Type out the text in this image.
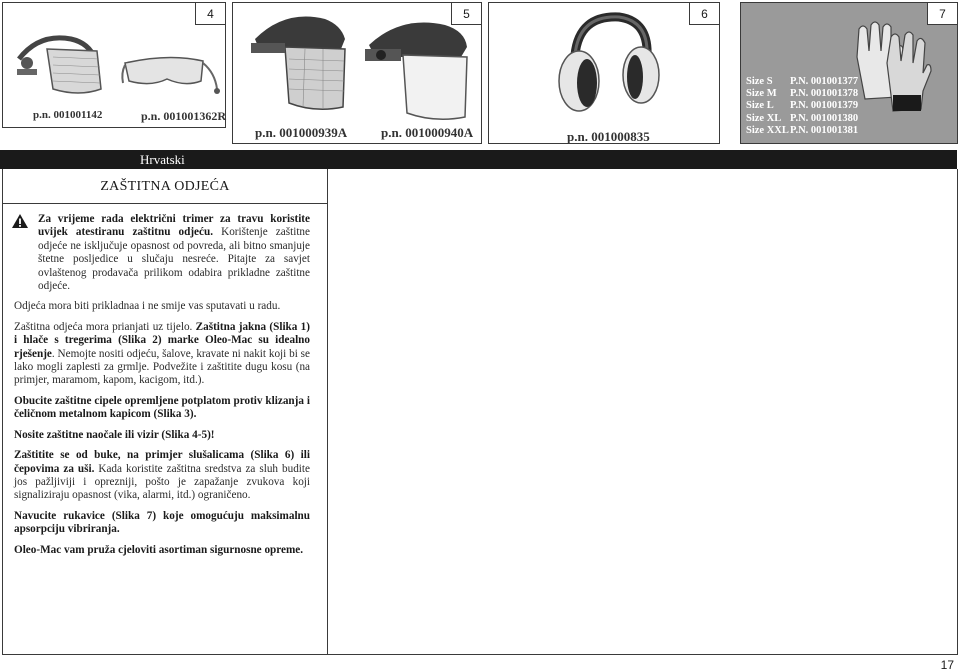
4
p.n. 001001142	p.n. 001001362R
5
p.n. 001000939A	p.n. 001000940A
6
p.n. 001000835
7
Size S	P.N. 001001377
Size M	P.N. 001001378
Size L	P.N. 001001379
Size XL P.N. 001001380
Size XXL P.N. 001001381
Hrvatski
ZAŠTITNA ODJEĆA

Za vrijeme rada električni trimer za travu koristite uvijek atestiranu zaštitnu odjeću. Korištenje zaštitne odjeće ne isključuje opasnost od povreda, ali bitno smanjuje štetne posljedice u slučaju nesreće. Pitajte za savjet ovlaštenog prodavača prilikom odabira prikladne zaštitne odjeće.

Odjeća mora biti prikladnaa i ne smije vas sputavati u radu.

Zaštitna odjeća mora prianjati uz tijelo. Zaštitna jakna (Slika 1) i hlače s tregerima (Slika 2) marke Oleo-Mac su idealno rješenje. Nemojte nositi odjeću, šalove, kravate ni nakit koji bi se lako mogli zaplesti za grmlje. Podvežite i zaštitite dugu kosu (na primjer, maramom, kapom, kacigom, itd.).

Obucite zaštitne cipele opremljene potplatom protiv klizanja i čeličnom metalnom kapicom (Slika 3).

Nosite zaštitne naočale ili vizir (Slika 4-5)!

Zaštitite se od buke, na primjer slušalicama (Slika 6) ili čepovima za uši. Kada koristite zaštitna sredstva za sluh budite jos pažljiviji i oprezniji, pošto je zapažanje zvukova koji signaliziraju opasnost (vika, alarmi, itd.) ograničeno.

Navucite rukavice (Slika 7) koje omogućuju maksimalnu apsorpciju vibriranja.

Oleo-Mac vam pruža cjeloviti asortiman sigurnosne opreme.

17
